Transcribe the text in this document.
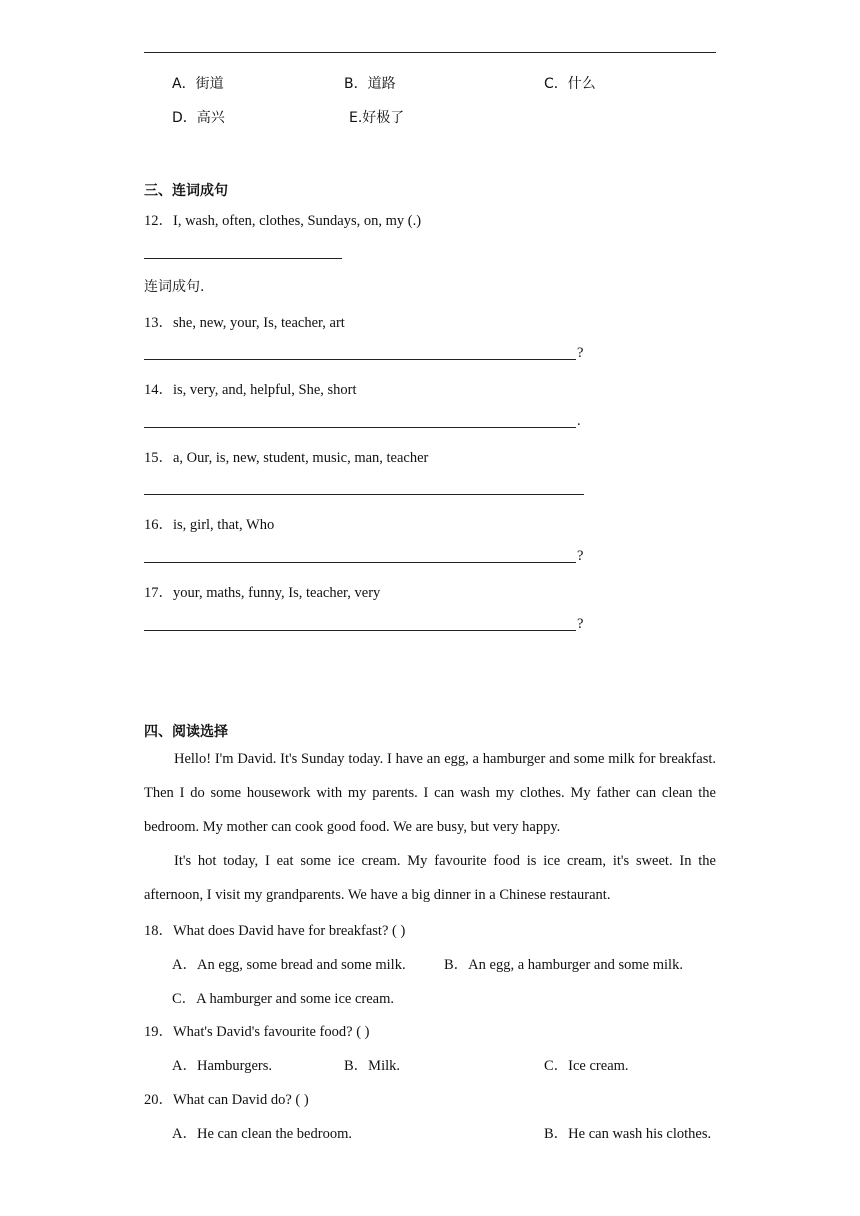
A．街道	B．道路	C．什么
D．高兴	E.好极了
三、连词成句
12．I, wash, often, clothes, Sundays, on, my (.)
连词成句.
13．she, new, your, Is, teacher, art
?
14．is, very, and, helpful, She, short
.
15．a, Our, is, new, student, music, man, teacher
16．is, girl, that, Who
?
17．your, maths, funny, Is, teacher, very
?
四、阅读选择
Hello! I'm David. It's Sunday today. I have an egg, a hamburger and some milk for breakfast. Then I do some housework with my parents. I can wash my clothes. My father can clean the bedroom. My mother can cook good food. We are busy, but very happy.
It's hot today, I eat some ice cream. My favourite food is ice cream, it's sweet. In the afternoon, I visit my grandparents. We have a big dinner in a Chinese restaurant.
18．What does David have for breakfast? ( )
A．An egg, some bread and some milk.	B．An egg, a hamburger and some milk.
C．A hamburger and some ice cream.
19．What's David's favourite food? ( )
A．Hamburgers.	B．Milk.	C．Ice cream.
20．What can David do? ( )
A．He can clean the bedroom.	B．He can wash his clothes.
